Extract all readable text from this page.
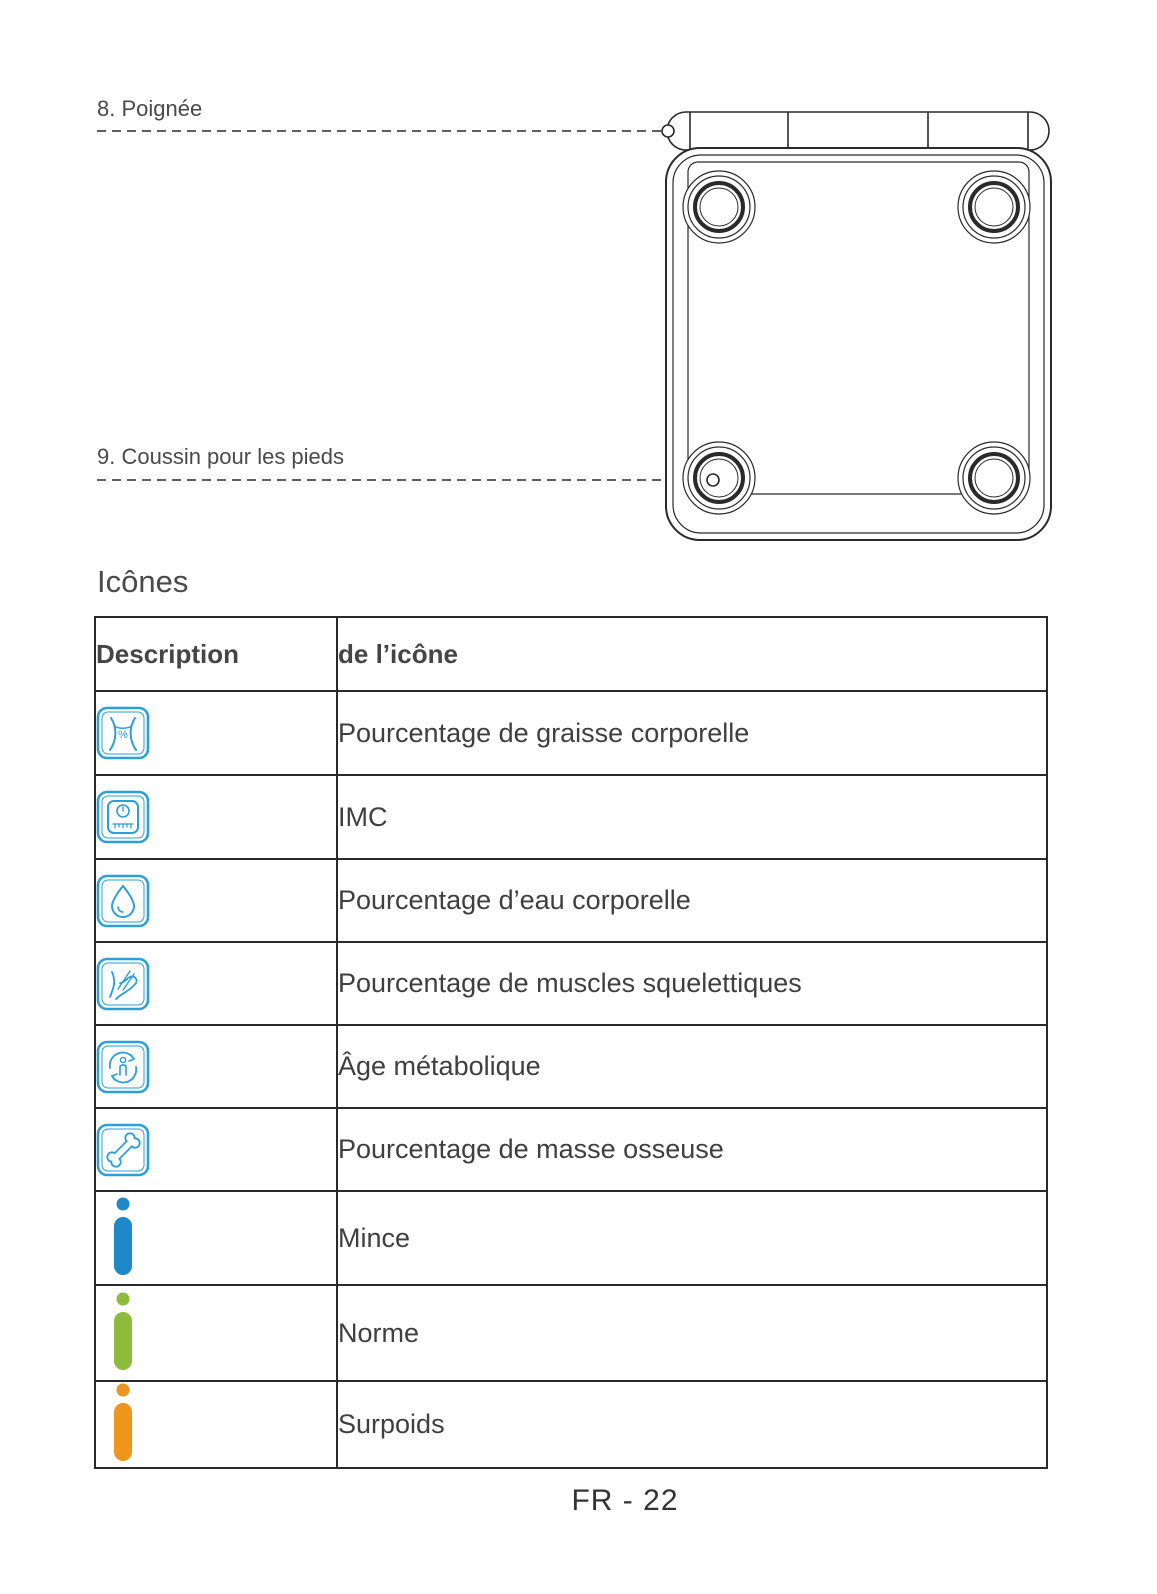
8. Poignée
9. Coussin pour les pieds
Icônes
Description	de l’icône

%	Pourcentage de graisse corporelle

	IMC

	Pourcentage d’eau corporelle

	Pourcentage de muscles squelettiques

	Âge métabolique

	Pourcentage de masse osseuse

	Mince

	Norme

	Surpoids
FR - 22
